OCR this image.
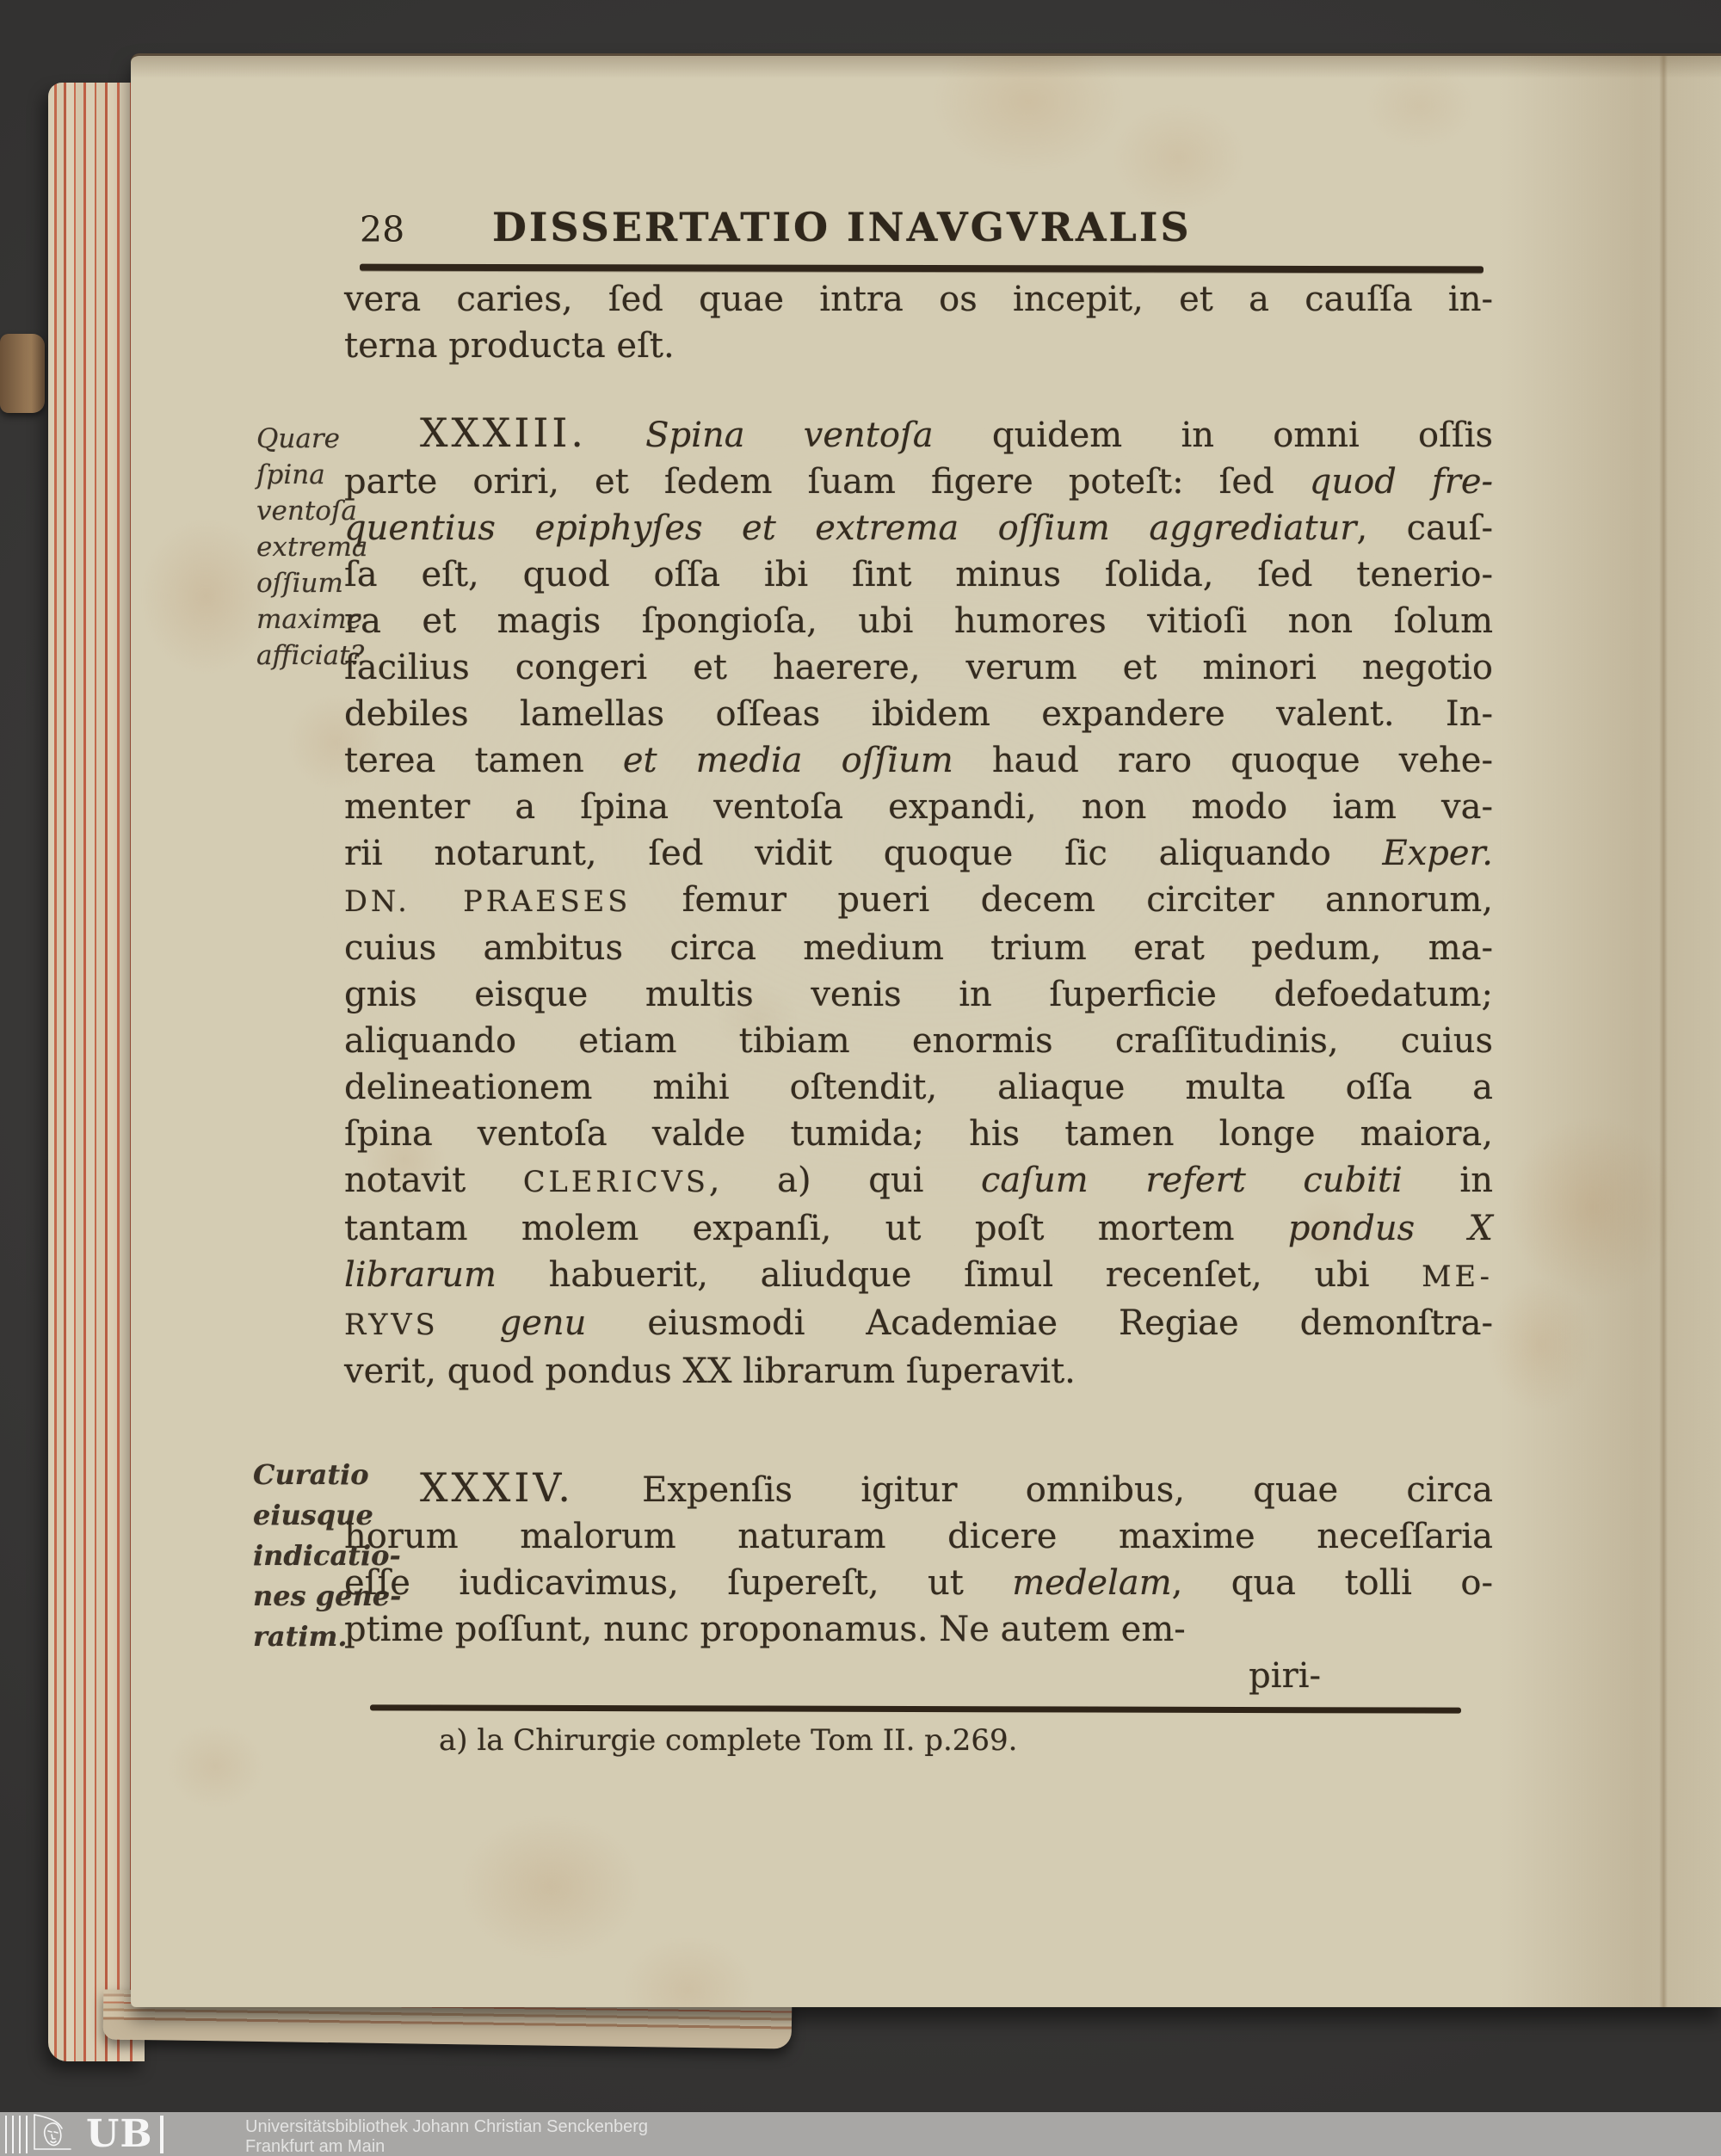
28 DISSERTATIO INAVGVRALIS
Quare
ſpina
ventoſa
extrema
oſſium
maxime
afficiat?
Curatio
eiusque
indicatio-
nes gene-
ratim.
vera caries, ſed quae intra os incepit, et a cauſſa in-
terna producta eſt.
XXXIII. Spina ventoſa quidem in omni oſſis
parte oriri, et ſedem ſuam figere poteſt: ſed quod fre-
quentius epiphyſes et extrema oſſium aggrediatur, cauſ-
ſa eſt, quod oſſa ibi ſint minus ſolida, ſed tenerio-
ra et magis ſpongioſa, ubi humores vitioſi non ſolum
facilius congeri et haerere, verum et minori negotio
debiles lamellas oſſeas ibidem expandere valent. In-
terea tamen et media oſſium haud raro quoque vehe-
menter a ſpina ventoſa expandi, non modo iam va-
rii notarunt, ſed vidit quoque ſic aliquando Exper.
DN. PRAESES femur pueri decem circiter annorum,
cuius ambitus circa medium trium erat pedum, ma-
gnis eisque multis venis in ſuperficie defoedatum;
aliquando etiam tibiam enormis craſſitudinis, cuius
delineationem mihi oſtendit, aliaque multa oſſa a
ſpina ventoſa valde tumida; his tamen longe maiora,
notavit CLERICVS, a) qui caſum refert cubiti in
tantam molem expanſi, ut poſt mortem pondus X
librarum habuerit, aliudque ſimul recenſet, ubi ME-
RYVS genu eiusmodi Academiae Regiae demonſtra-
verit, quod pondus XX librarum ſuperavit.
XXXIV. Expenſis igitur omnibus, quae circa
horum malorum naturam dicere maxime neceſſaria
eſſe iudicavimus, ſupereſt, ut medelam, qua tolli o-
ptime poſſunt, nunc proponamus. Ne autem em-
piri-
a) la Chirurgie complete Tom II. p.269.
UB	Universitätsbibliothek Johann Christian Senckenberg
Frankfurt am Main
